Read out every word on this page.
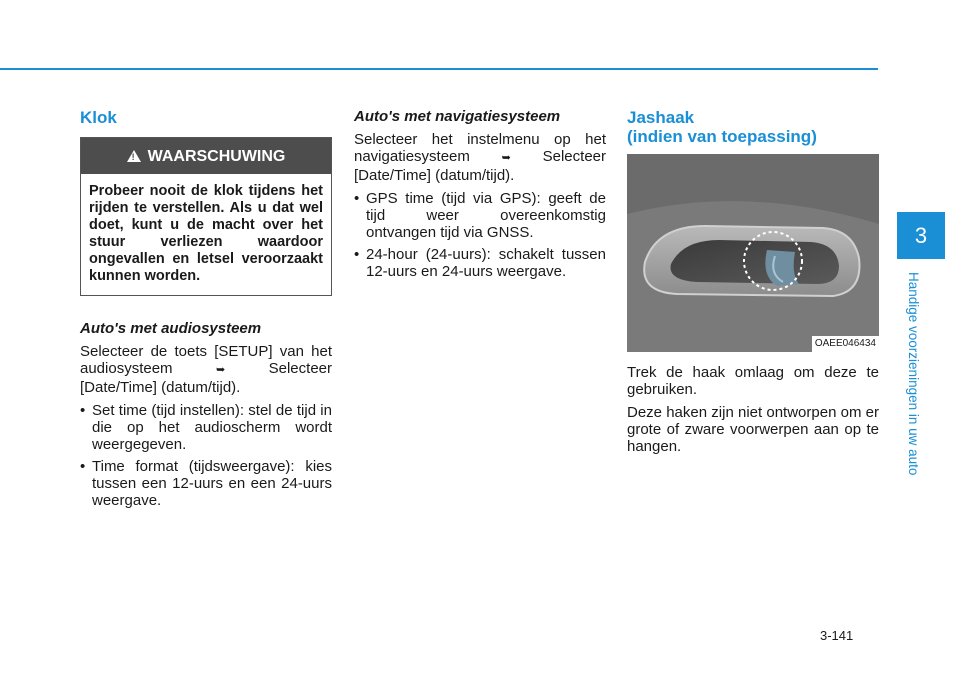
Klok
! WAARSCHUWING
Probeer nooit de klok tijdens het rijden te verstellen. Als u dat wel doet, kunt u de macht over het stuur verliezen waardoor ongevallen en letsel veroorzaakt kunnen worden.
Auto's met audiosysteem

Selecteer de toets [SETUP] van het audiosysteem	➥	Selecteer [Date/Time] (datum/tijd).

• Set time (tijd instellen): stel de tijd in die op het audioscherm wordt weergegeven.
• Time format (tijdsweergave): kies tussen een 12-uurs en een 24-uurs weergave.
Auto's met navigatiesysteem

Selecteer het instelmenu op het navigatiesysteem	➥ Selecteer [Date/Time] (datum/tijd).

• GPS time (tijd via GPS): geeft de tijd weer overeenkomstig ontvangen tijd via GNSS.
• 24-hour (24-uurs): schakelt tussen 12-uurs en 24-uurs weergave.
Jashaak
(indien van toepassing)
OAEE046434

Trek de haak omlaag om deze te gebruiken.

Deze haken zijn niet ontworpen om er grote of zware voorwerpen aan op te hangen.

3
Handige voorzieningen in uw auto
3-141
